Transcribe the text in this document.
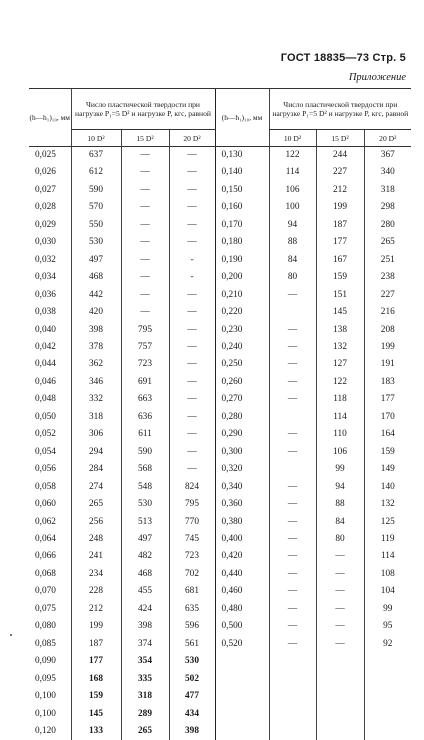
ГОСТ 18835—73 Стр. 5
Приложение
(h—h₁)₁₀, мм	Число пластической твердости при нагрузке P₁=5 D² и нагрузке P, кгс, равной			(h—h₁)₁₀, мм	Число пластической твердости при нагрузке P₁=5 D² и нагрузке P, кгс, равной		
	10 D²	15 D²	20 D²		10 D²	15 D²	20 D²
0,025	637	—	—	0,130	122	244	367
0,026	612	—	—	0,140	114	227	340
0,027	590	—	—	0,150	106	212	318
0,028	570	—	—	0,160	100	199	298
0,029	550	—	—	0,170	94	187	280
0,030	530	—	—	0,180	88	177	265
0,032	497	—	-	0,190	84	167	251
0,034	468	—	-	0,200	80	159	238
0,036	442	—	—	0,210	—	151	227
0,038	420	—	—	0,220		145	216
0,040	398	795	—	0,230	—	138	208
0,042	378	757	—	0,240	—	132	199
0,044	362	723	—	0,250	—	127	191
0,046	346	691	—	0,260	—	122	183
0,048	332	663	—	0,270	—	118	177
0,050	318	636	—	0,280		114	170
0,052	306	611	—	0,290	—	110	164
0,054	294	590	—	0,300	—	106	159
0,056	284	568	—	0,320		99	149
0,058	274	548	824	0,340	—	94	140
0,060	265	530	795	0,360	—	88	132
0,062	256	513	770	0,380	—	84	125
0,064	248	497	745	0,400	—	80	119
0,066	241	482	723	0,420	—	—	114
0,068	234	468	702	0,440	—	—	108
0,070	228	455	681	0,460	—	—	104
0,075	212	424	635	0,480	—	—	99
0,080	199	398	596	0,500	—	—	95
0,085	187	374	561	0,520	—	—	92
0,090	177	354	530				
0,095	168	335	502				
0,100	159	318	477				
0,100	145	289	434				
0,120	133	265	398				
